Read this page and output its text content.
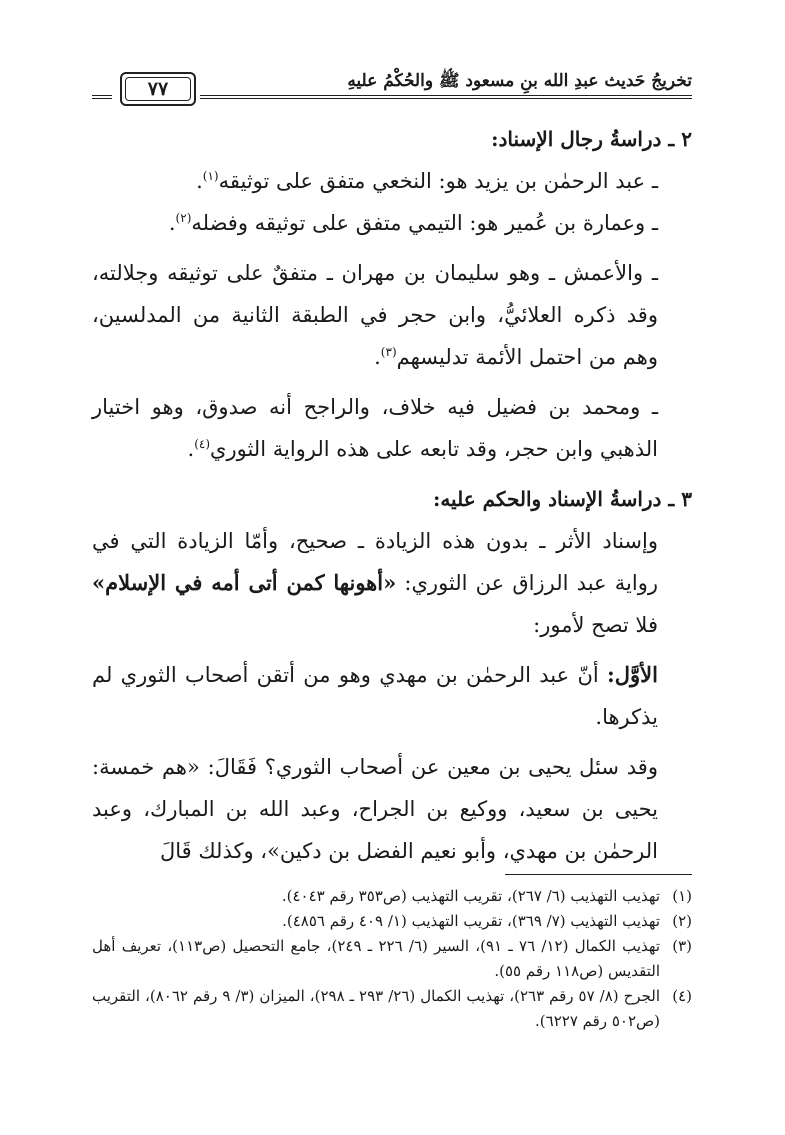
تخريجُ حَديث عبدِ الله بنِ مسعود ﷺ والحُكْمُ عليهِ
٧٧

٢ ـ دراسةُ رجال الإسناد:

ـ عبد الرحمٰن بن يزيد هو: النخعي متفق على توثيقه$^{(١)}$.

ـ وعمارة بن عُمير هو: التيمي متفق على توثيقه وفضله$^{(٢)}$.

ـ والأعمش ـ وهو سليمان بن مهران ـ متفقٌ على توثيقه وجلالته، وقد ذكره العلائيُّ، وابن حجر في الطبقة الثانية من المدلسين، وهم من احتمل الأئمة تدليسهم$^{(٣)}$.

ـ ومحمد بن فضيل فيه خلاف، والراجح أنه صدوق، وهو اختيار الذهبي وابن حجر، وقد تابعه على هذه الرواية الثوري$^{(٤)}$.

٣ ـ دراسةُ الإسناد والحكم عليه:

وإسناد الأثر ـ بدون هذه الزيادة ـ صحيح، وأمّا الزيادة التي في رواية عبد الرزاق عن الثوري: «أهونها كمن أتى أمه في الإسلام» فلا تصح لأمور:

الأوَّل: أنّ عبد الرحمٰن بن مهدي وهو من أتقن أصحاب الثوري لم يذكرها.

وقد سئل يحيى بن معين عن أصحاب الثوري؟ فَقَالَ: «هم خمسة: يحيى بن سعيد، ووكيع بن الجراح، وعبد الله بن المبارك، وعبد الرحمٰن بن مهدي، وأبو نعيم الفضل بن دكين»، وكذلك قَالَ

(١)
تهذيب التهذيب (٦/ ٢٦٧)، تقريب التهذيب (ص٣٥٣ رقم ٤٠٤٣).
(٢)
تهذيب التهذيب (٧/ ٣٦٩)، تقريب التهذيب (١/ ٤٠٩ رقم ٤٨٥٦).
(٣)
تهذيب الكمال (١٢/ ٧٦ ـ ٩١)، السير (٦/ ٢٢٦ ـ ٢٤٩)، جامع التحصيل (ص١١٣)، تعريف أهل التقديس (ص١١٨ رقم ٥٥).
(٤)
الجرح (٨/ ٥٧ رقم ٢٦٣)، تهذيب الكمال (٢٦/ ٢٩٣ ـ ٢٩٨)، الميزان (٣/ ٩ رقم ٨٠٦٢)، التقريب (ص٥٠٢ رقم ٦٢٢٧).
